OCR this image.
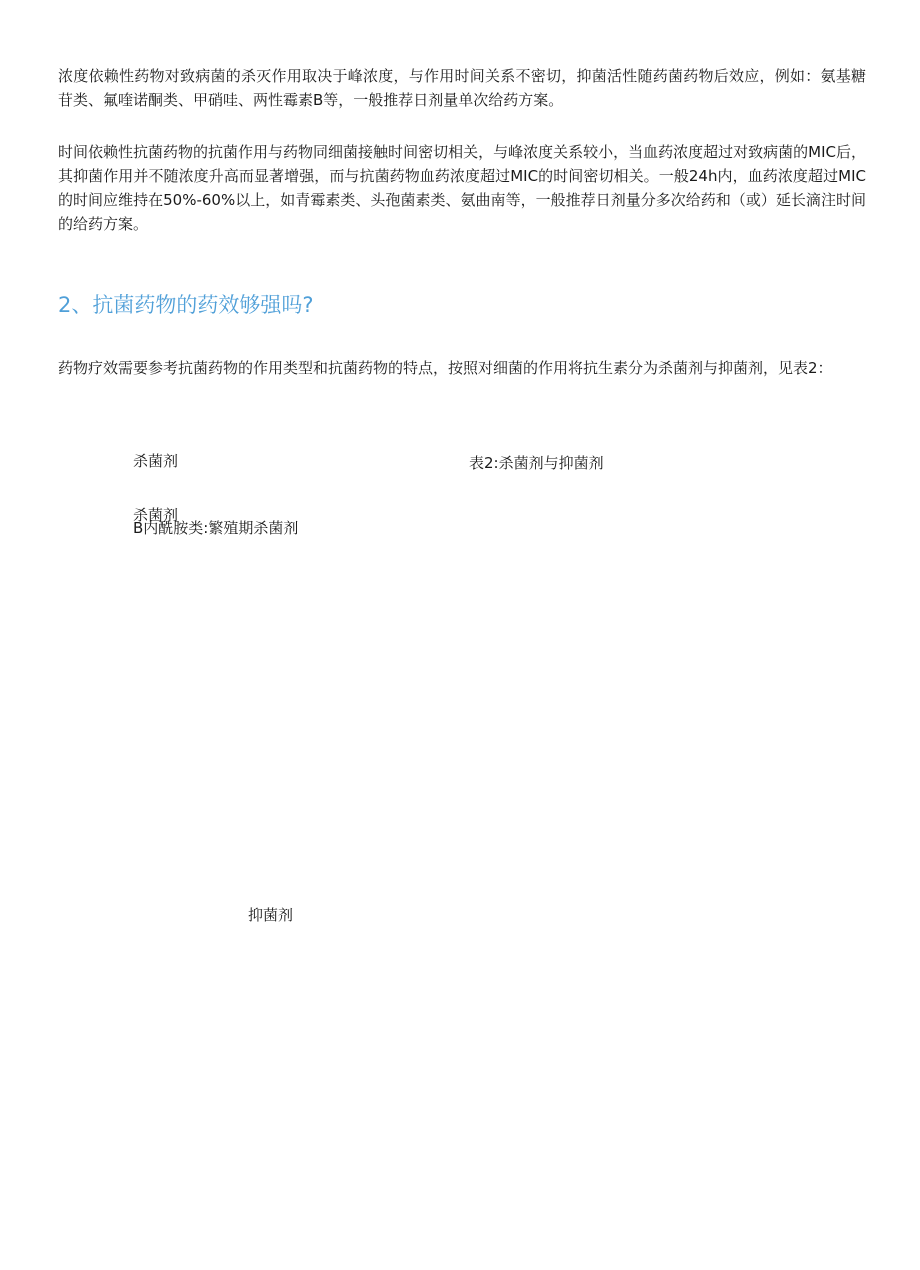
浓度依赖性药物对致病菌的杀灭作用取决于峰浓度，与作用时间关系不密切，抑菌活性随药菌药物后效应，例如：氨基糖苷类、氟喹诺酮类、甲硝哇、两性霉素B等，一般推荐日剂量单次给药方案。

时间依赖性抗菌药物的抗菌作用与药物同细菌接触时间密切相关，与峰浓度关系较小，当血药浓度超过对致病菌的MIC后，其抑菌作用并不随浓度升高而显著增强，而与抗菌药物血药浓度超过MIC的时间密切相关。一般24h内，血药浓度超过MIC的时间应维持在50%-60%以上，如青霉素类、头孢菌素类、氨曲南等，一般推荐日剂量分多次给药和（或）延长滴注时间的给药方案。

2、抗菌药物的药效够强吗?

药物疗效需要参考抗菌药物的作用类型和抗菌药物的特点，按照对细菌的作用将抗生素分为杀菌剂与抑菌剂，见表2：

杀菌剂	表2:杀菌剂与抑菌剂
杀菌剂
B内酰胺类:繁殖期杀菌剂
抑菌剂
